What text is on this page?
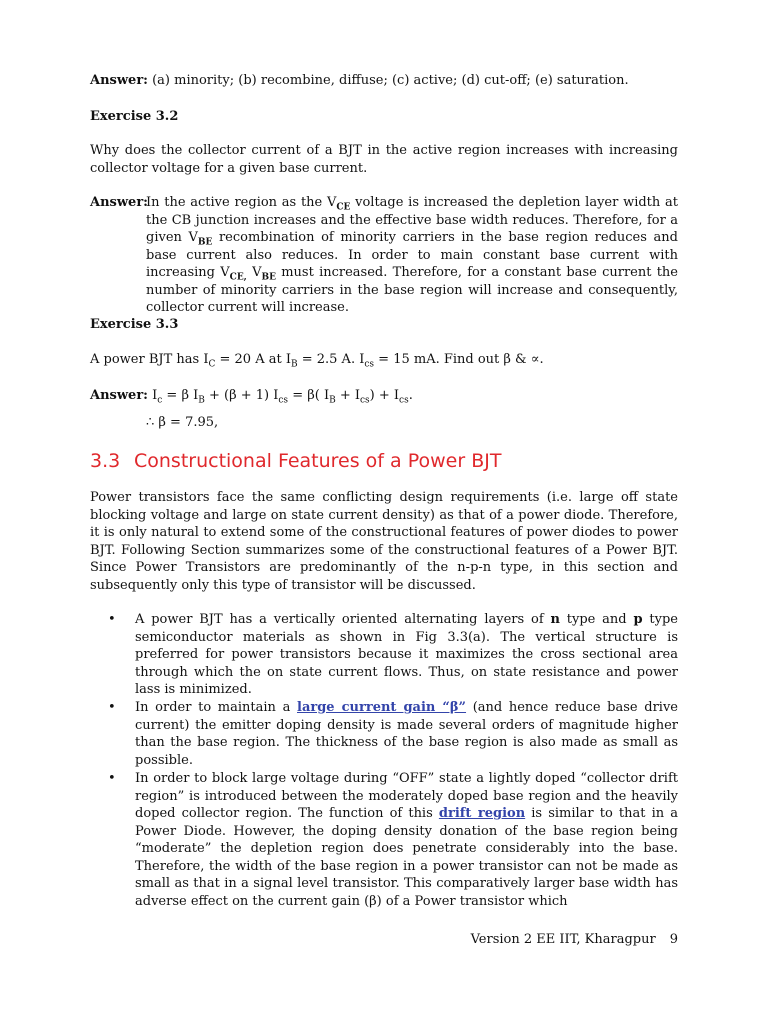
Answer: (a) minority; (b) recombine, diffuse; (c) active; (d) cut-off; (e) saturation.

Exercise 3.2

Why does the collector current of a BJT in the active region increases with increasing collector voltage for a given base current.

Answer:
In the active region as the $V_{CE}$ voltage is increased the depletion layer width at the CB junction increases and the effective base width reduces. Therefore, for a given $V_{BE}$ recombination of minority carriers in the base region reduces and base current also reduces. In order to main constant base current with increasing $V_{CE,}$ $V_{BE}$ must increased. Therefore, for a constant base current the number of minority carriers in the base region will increase and consequently, collector current will increase.

Exercise 3.3

A power BJT has $I_C = 20$ A at $I_B = 2.5$ A. $I_{cs} = 15$ mA. Find out β & ∝.

Answer: $I_c = \beta$ $I_B + (\beta + 1) I_{cs} = \beta$( $I_B + I_{cs}) + I_{cs}$.

∴ β = 7.95,

3.3 Constructional Features of a Power BJT

Power transistors face the same conflicting design requirements (i.e. large off state blocking voltage and large on state current density) as that of a power diode. Therefore, it is only natural to extend some of the constructional features of power diodes to power BJT. Following Section summarizes some of the constructional features of a Power BJT. Since Power Transistors are predominantly of the n-p-n type, in this section and subsequently only this type of transistor will be discussed.

• A power BJT has a vertically oriented alternating layers of n type and p type semiconductor materials as shown in Fig 3.3(a). The vertical structure is preferred for power transistors because it maximizes the cross sectional area through which the on state current flows. Thus, on state resistance and power lass is minimized.
• In order to maintain a large current gain “β” (and hence reduce base drive current) the emitter doping density is made several orders of magnitude higher than the base region. The thickness of the base region is also made as small as possible.
• In order to block large voltage during “OFF” state a lightly doped “collector drift region” is introduced between the moderately doped base region and the heavily doped collector region. The function of this drift region is similar to that in a Power Diode. However, the doping density donation of the base region being “moderate” the depletion region does penetrate considerably into the base. Therefore, the width of the base region in a power transistor can not be made as small as that in a signal level transistor. This comparatively larger base width has adverse effect on the current gain (β) of a Power transistor which
Version 2 EE IIT, Kharagpur 9
